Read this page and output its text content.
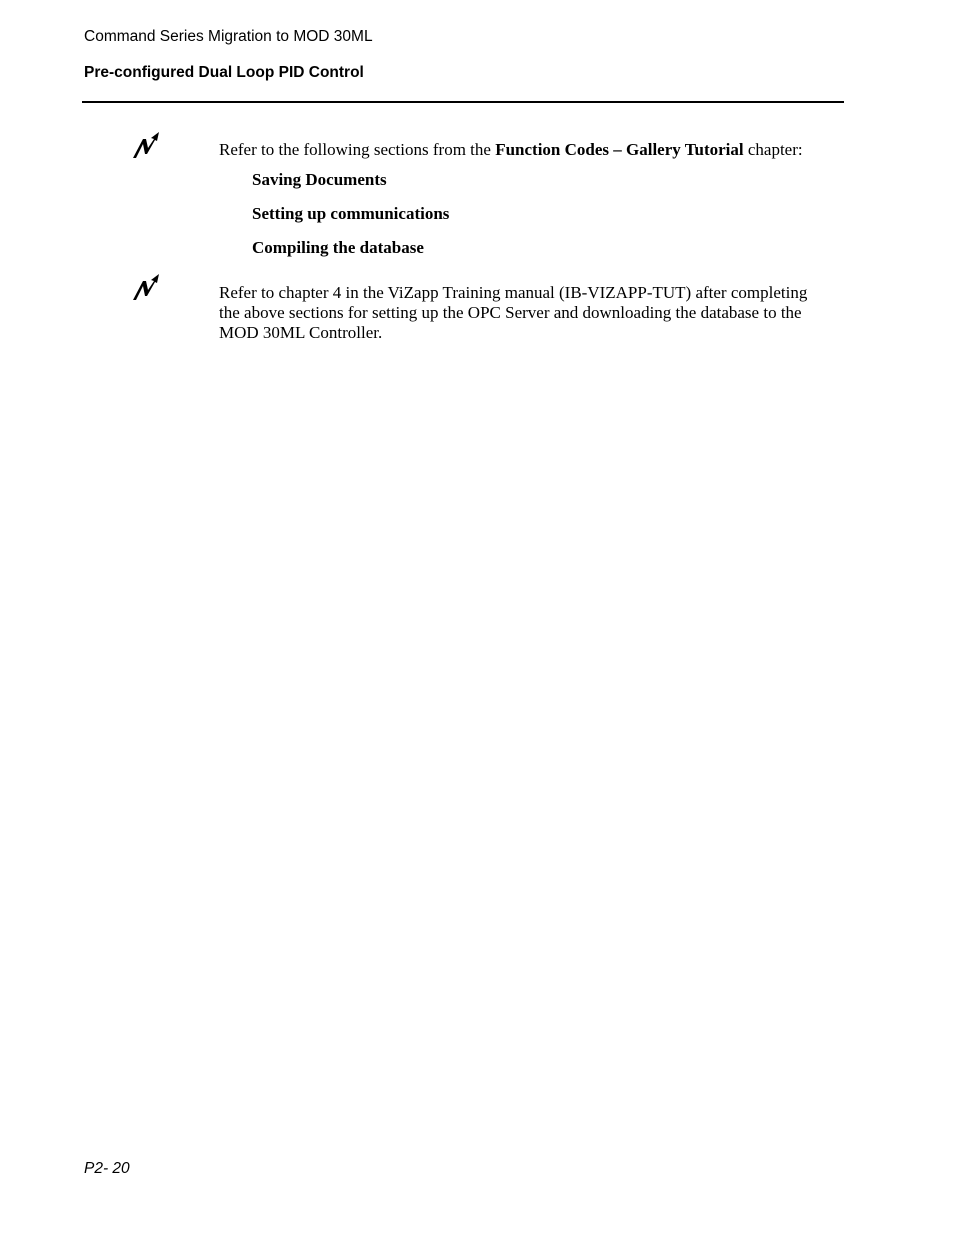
Command Series Migration to MOD 30ML
Pre-configured Dual Loop PID Control
Refer to the following sections from the Function Codes – Gallery Tutorial chapter:
Saving Documents
Setting up communications
Compiling the database
Refer to chapter 4 in the ViZapp Training manual (IB-VIZAPP-TUT) after completing
the above sections for setting up the OPC Server and downloading the database to the
MOD 30ML Controller.
P2- 20
